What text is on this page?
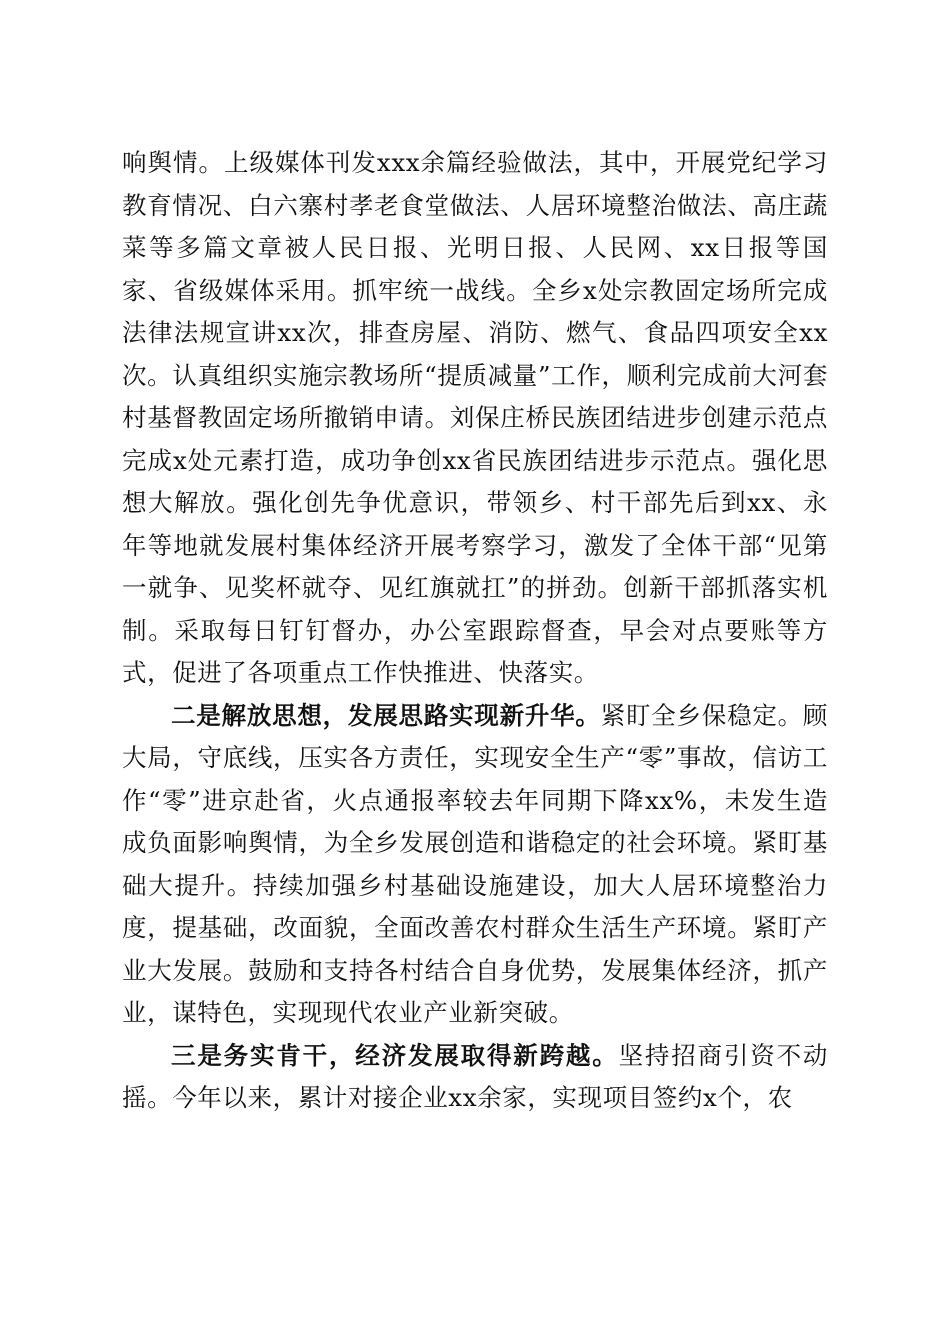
响舆情。上级媒体刊发xxx余篇经验做法，其中，开展党纪学习教育情况、白六寨村孝老食堂做法、人居环境整治做法、高庄蔬菜等多篇文章被人民日报、光明日报、人民网、xx日报等国家、省级媒体采用。抓牢统一战线。全乡x处宗教固定场所完成法律法规宣讲xx次，排查房屋、消防、燃气、食品四项安全xx次。认真组织实施宗教场所“提质减量”工作，顺利完成前大河套村基督教固定场所撤销申请。刘保庄桥民族团结进步创建示范点完成x处元素打造，成功争创xx省民族团结进步示范点。强化思想大解放。强化创先争优意识，带领乡、村干部先后到xx、永年等地就发展村集体经济开展考察学习，激发了全体干部“见第一就争、见奖杯就夺、见红旗就扛”的拼劲。创新干部抓落实机制。采取每日钉钉督办，办公室跟踪督查，早会对点要账等方式，促进了各项重点工作快推进、快落实。

二是解放思想，发展思路实现新升华。紧盯全乡保稳定。顾大局，守底线，压实各方责任，实现安全生产“零”事故，信访工作“零”进京赴省，火点通报率较去年同期下降xx%，未发生造成负面影响舆情，为全乡发展创造和谐稳定的社会环境。紧盯基础大提升。持续加强乡村基础设施建设，加大人居环境整治力度，提基础，改面貌，全面改善农村群众生活生产环境。紧盯产业大发展。鼓励和支持各村结合自身优势，发展集体经济，抓产业，谋特色，实现现代农业产业新突破。

三是务实肯干，经济发展取得新跨越。坚持招商引资不动摇。今年以来，累计对接企业xx余家，实现项目签约x个，农
